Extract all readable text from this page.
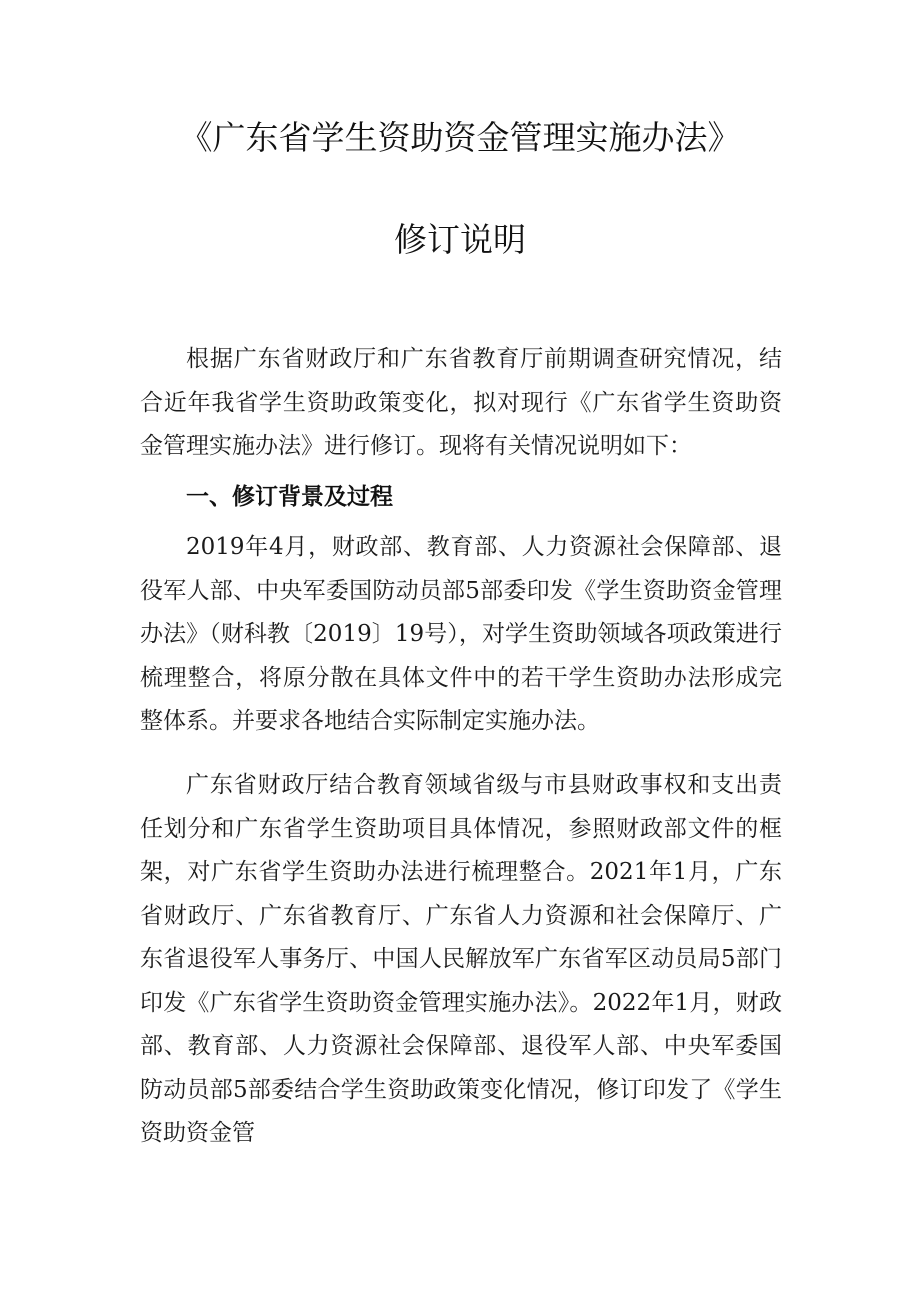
《广东省学生资助资金管理实施办法》
修订说明

根据广东省财政厅和广东省教育厅前期调查研究情况，结合近年我省学生资助政策变化，拟对现行《广东省学生资助资金管理实施办法》进行修订。现将有关情况说明如下：

一、修订背景及过程

2019年4月，财政部、教育部、人力资源社会保障部、退役军人部、中央军委国防动员部5部委印发《学生资助资金管理办法》（财科教〔2019〕19号），对学生资助领域各项政策进行梳理整合，将原分散在具体文件中的若干学生资助办法形成完整体系。并要求各地结合实际制定实施办法。

广东省财政厅结合教育领域省级与市县财政事权和支出责任划分和广东省学生资助项目具体情况，参照财政部文件的框架，对广东省学生资助办法进行梳理整合。2021年1月，广东省财政厅、广东省教育厅、广东省人力资源和社会保障厅、广东省退役军人事务厅、中国人民解放军广东省军区动员局5部门印发《广东省学生资助资金管理实施办法》。2022年1月，财政部、教育部、人力资源社会保障部、退役军人部、中央军委国防动员部5部委结合学生资助政策变化情况，修订印发了《学生资助资金管
